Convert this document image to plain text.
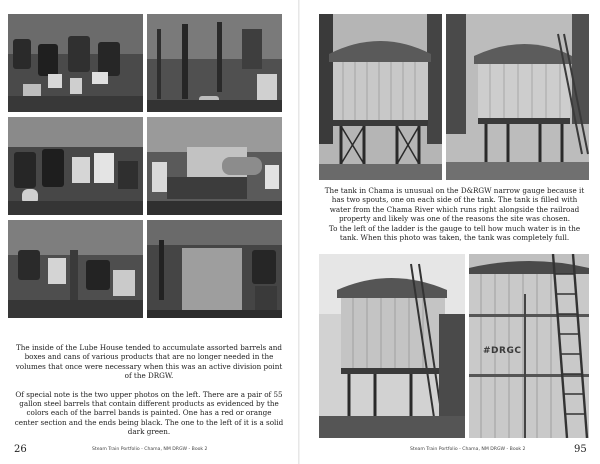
The inside of the Lube House tended to accumulate assorted barrels and boxes and cans of various products that are no longer needed in the volumes that once were necessary when this was an active division point of the DRGW.

Of special note is the two upper photos on the left. There are a pair of 55 gallon steel barrels that contain different products as evidenced by the colors each of the barrel bands is painted. One has a red or orange center section and the ends being black. The one to the left of it is a solid dark green.

26	Steam Train Portfolio - Chama, NM DRGW - Book 2

The tank in Chama is unusual on the D&RGW narrow gauge because it has two spouts, one on each side of the tank. The tank is filled with water from the Chama River which runs right alongside the railroad property and likely was one of the reasons the site was chosen.

To the left of the ladder is the gauge to tell how much water is in the tank. When this photo was taken, the tank was completely full.

#DRGC
Steam Train Portfolio - Chama, NM DRGW - Book 2	95
